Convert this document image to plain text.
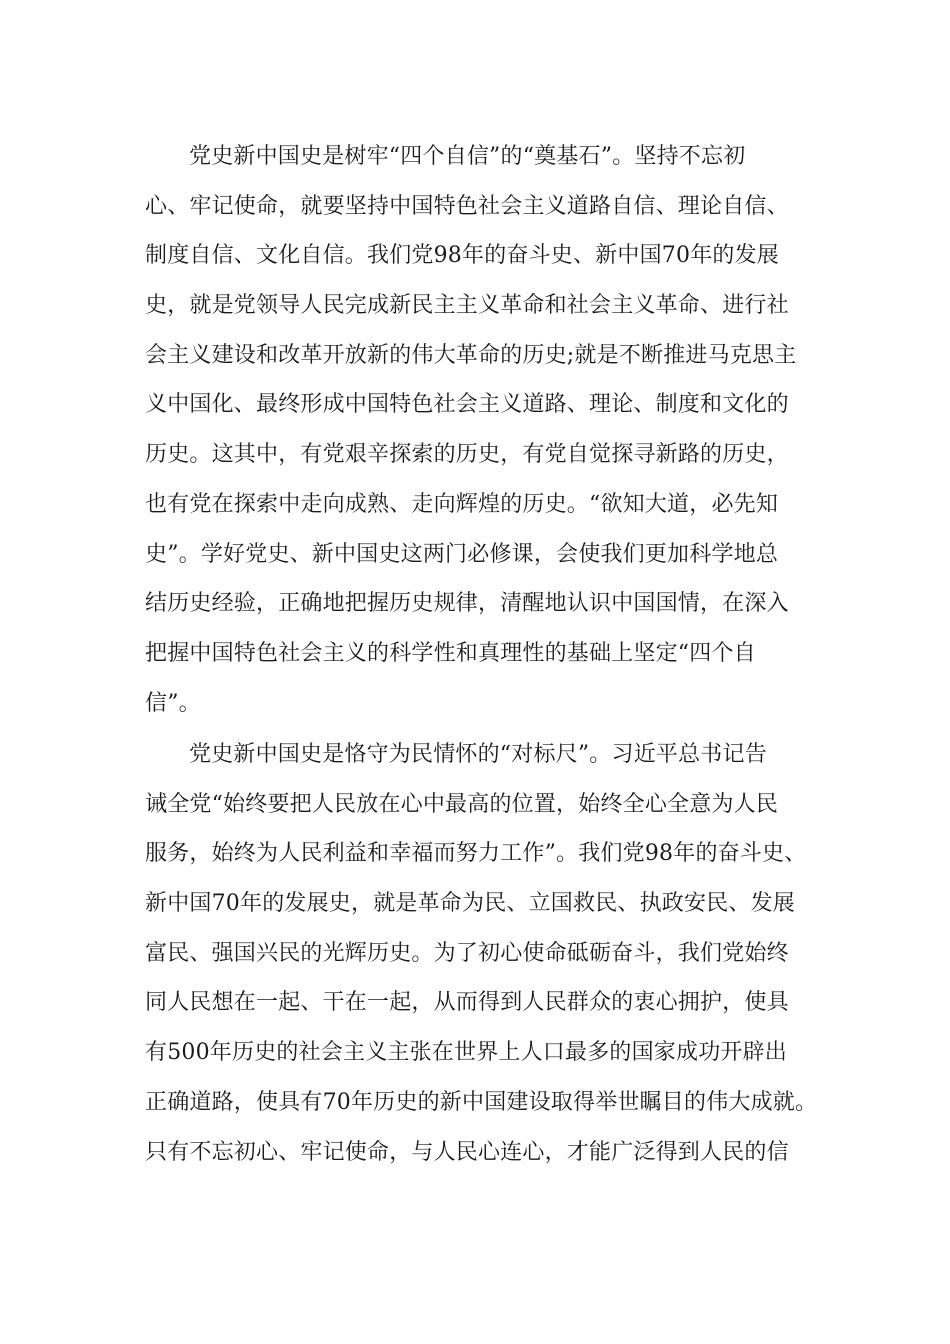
党史新中国史是树牢“四个自信”的“奠基石”。坚持不忘初
心、牢记使命，就要坚持中国特色社会主义道路自信、理论自信、
制度自信、文化自信。我们党98年的奋斗史、新中国70年的发展
史，就是党领导人民完成新民主主义革命和社会主义革命、进行社
会主义建设和改革开放新的伟大革命的历史;就是不断推进马克思主
义中国化、最终形成中国特色社会主义道路、理论、制度和文化的
历史。这其中，有党艰辛探索的历史，有党自觉探寻新路的历史，
也有党在探索中走向成熟、走向辉煌的历史。“欲知大道，必先知
史”。学好党史、新中国史这两门必修课，会使我们更加科学地总
结历史经验，正确地把握历史规律，清醒地认识中国国情，在深入
把握中国特色社会主义的科学性和真理性的基础上坚定“四个自
信”。
党史新中国史是恪守为民情怀的“对标尺”。习近平总书记告
诫全党“始终要把人民放在心中最高的位置，始终全心全意为人民
服务，始终为人民利益和幸福而努力工作”。我们党98年的奋斗史、
新中国70年的发展史，就是革命为民、立国救民、执政安民、发展
富民、强国兴民的光辉历史。为了初心使命砥砺奋斗，我们党始终
同人民想在一起、干在一起，从而得到人民群众的衷心拥护，使具
有500年历史的社会主义主张在世界上人口最多的国家成功开辟出
正确道路，使具有70年历史的新中国建设取得举世瞩目的伟大成就。
只有不忘初心、牢记使命，与人民心连心，才能广泛得到人民的信
